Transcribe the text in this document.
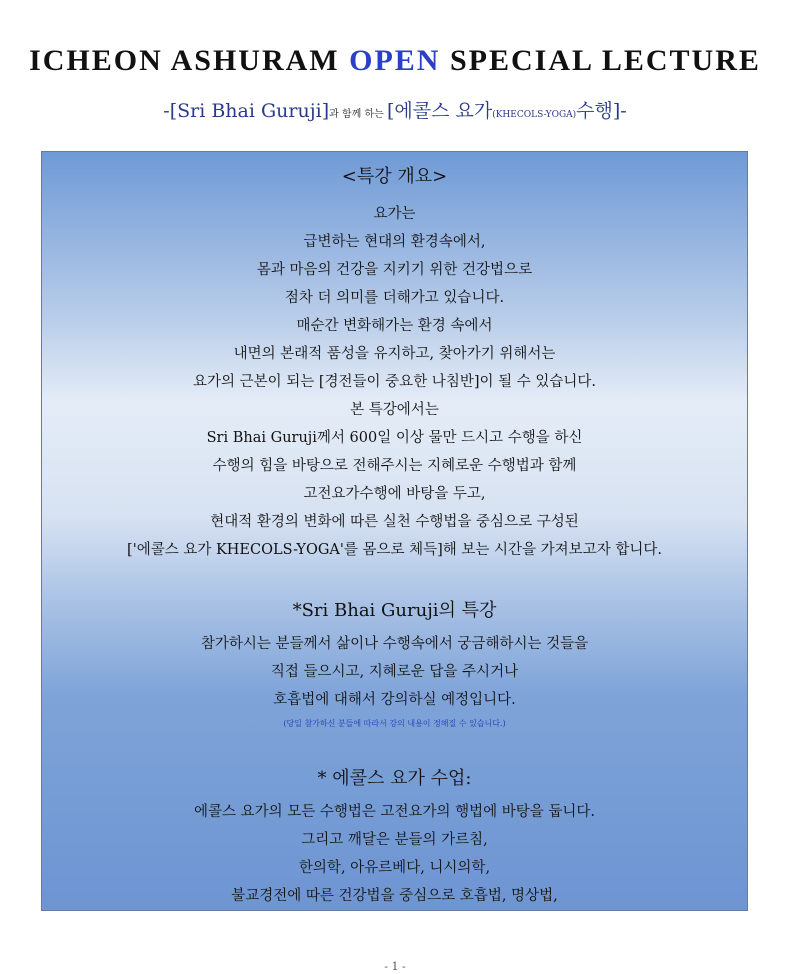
ICHEON ASHURAM OPEN SPECIAL LECTURE
-[Sri Bhai Guruji]과 함께 하는 [에콜스 요가(KHECOLS-YOGA)수행]-
<특강 개요>
요가는
급변하는 현대의 환경속에서,
몸과 마음의 건강을 지키기 위한 건강법으로
점차 더 의미를 더해가고 있습니다.
매순간 변화해가는 환경 속에서
내면의 본래적 품성을 유지하고, 찾아가기 위해서는
요가의 근본이 되는 [경전들이 중요한 나침반]이 될 수 있습니다.
본 특강에서는
Sri Bhai Guruji께서 600일 이상 물만 드시고 수행을 하신
수행의 힘을 바탕으로 전해주시는 지혜로운 수행법과 함께
고전요가수행에 바탕을 두고,
현대적 환경의 변화에 따른 실천 수행법을 중심으로 구성된
['에콜스 요가 KHECOLS-YOGA'를 몸으로 체득]해 보는 시간을 가져보고자 합니다.
*Sri Bhai Guruji의 특강
참가하시는 분들께서 삶이나 수행속에서 궁금해하시는 것들을
직접 들으시고, 지혜로운 답을 주시거나
호흡법에 대해서 강의하실 예정입니다.
(당일 참가하신 분들에 따라서 강의 내용이 정해질 수 있습니다.)
* 에콜스 요가 수업:
에콜스 요가의 모든 수행법은 고전요가의 행법에 바탕을 둡니다.
그리고 깨달은 분들의 가르침,
한의학, 아유르베다, 니시의학,
불교경전에 따른 건강법을 중심으로 호흡법, 명상법,
- 1 -
